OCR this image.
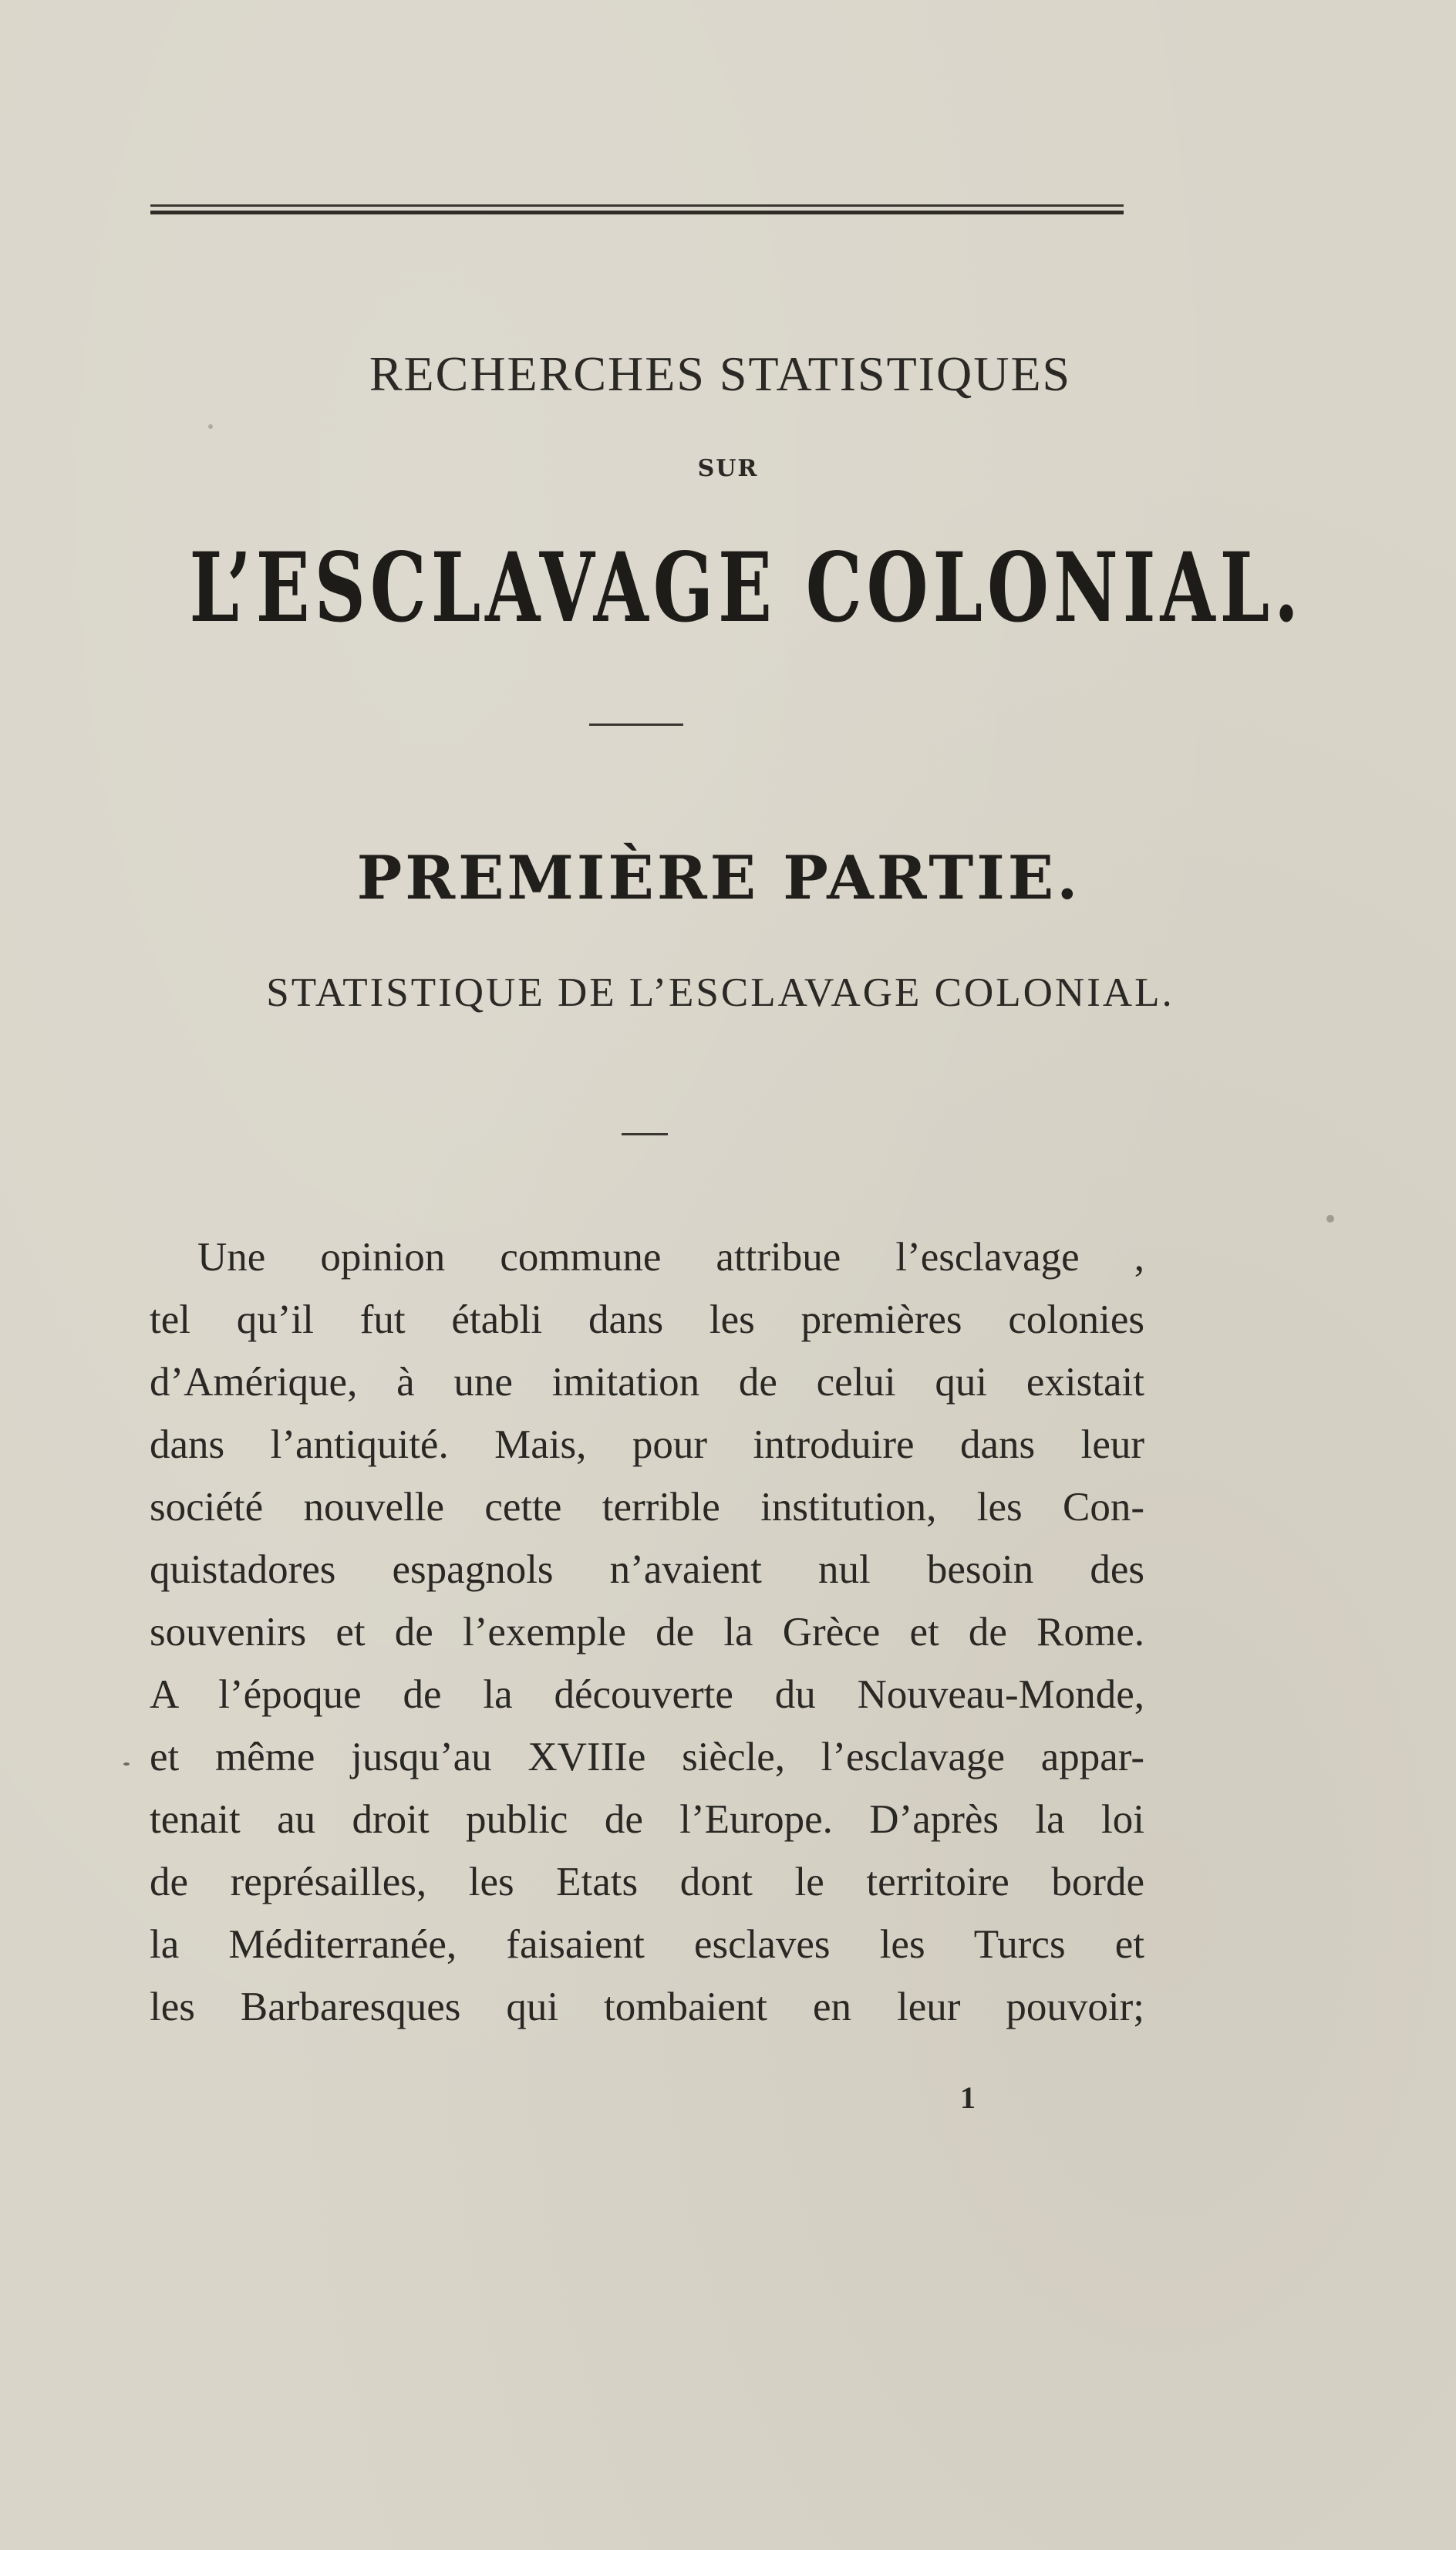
RECHERCHES STATISTIQUES
SUR
L’ESCLAVAGE COLONIAL.
PREMIÈRE PARTIE.
STATISTIQUE DE L’ESCLAVAGE COLONIAL.
Une opinion commune attribue l’esclavage ,
tel qu’il fut établi dans les premières colonies
d’Amérique, à une imitation de celui qui existait
dans l’antiquité. Mais, pour introduire dans leur
société nouvelle cette terrible institution, les Con-
quistadores espagnols n’avaient nul besoin des
souvenirs et de l’exemple de la Grèce et de Rome.
A l’époque de la découverte du Nouveau-Monde,
et même jusqu’au XVIIIe siècle, l’esclavage appar-
tenait au droit public de l’Europe. D’après la loi
de représailles, les Etats dont le territoire borde
la Méditerranée, faisaient esclaves les Turcs et
les Barbaresques qui tombaient en leur pouvoir;
1
